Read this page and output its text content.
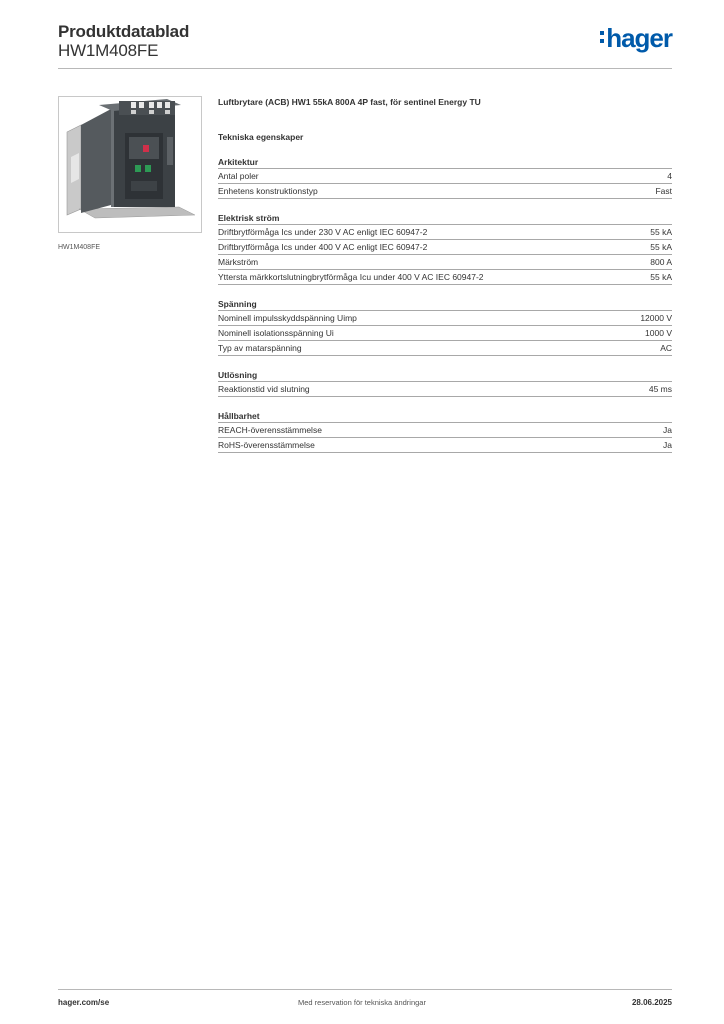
Produktdatablad
HW1M408FE	hager
HW1M408FE
Luftbrytare (ACB) HW1 55kA 800A 4P fast, för sentinel Energy TU
Tekniska egenskaper
Arkitektur
Antal poler	4
Enhetens konstruktionstyp	Fast
Elektrisk ström
Driftbrytförmåga Ics under 230 V AC enligt IEC 60947-2	55 kA
Driftbrytförmåga Ics under 400 V AC enligt IEC 60947-2	55 kA
Märkström	800 A
Yttersta märkkortslutningbrytförmåga Icu under 400 V AC IEC 60947-2	55 kA
Spänning
Nominell impulsskyddspänning Uimp	12000 V
Nominell isolationsspänning Ui	1000 V
Typ av matarspänning	AC
Utlösning
Reaktionstid vid slutning	45 ms
Hållbarhet
REACH-överensstämmelse	Ja
RoHS-överensstämmelse	Ja
hager.com/se	Med reservation för tekniska ändringar	28.06.2025
